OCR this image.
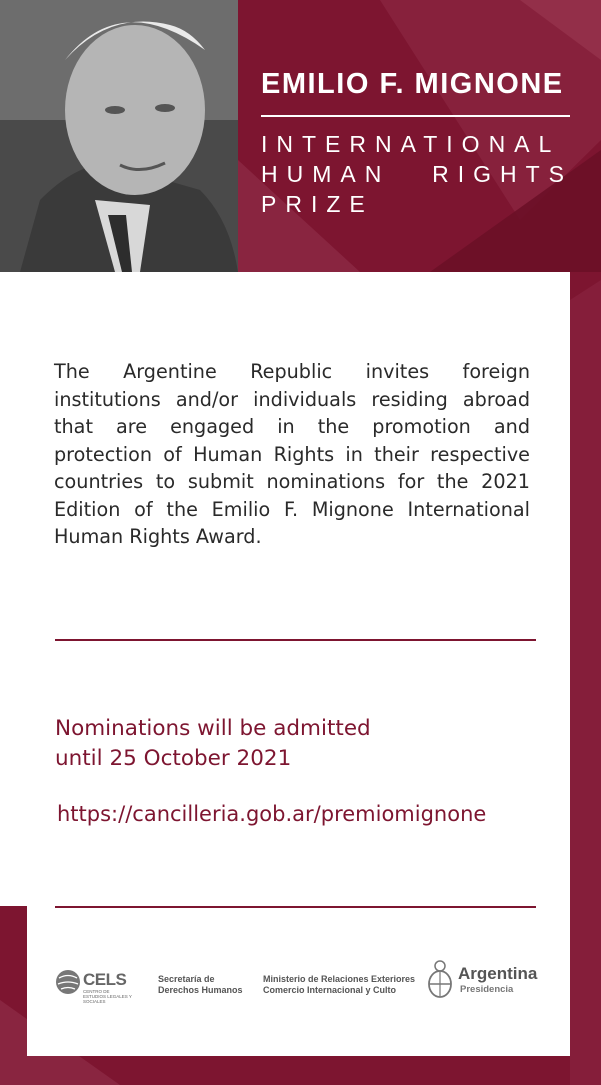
EMILIO F. MIGNONE
INTERNATIONAL HUMAN RIGHTS PRIZE

The Argentine Republic invites foreign institutions and/or individuals residing abroad that are engaged in the promotion and protection of Human Rights in their respective countries to submit nominations for the 2021 Edition of the Emilio F. Mignone International Human Rights Award.

Nominations will be admitted
until 25 October 2021

https://cancilleria.gob.ar/premiomignone
CELS
CENTRO DE ESTUDIOS LEGALES Y SOCIALES
Secretaría de
Derechos Humanos
Ministerio de Relaciones Exteriores
Comercio Internacional y Culto
Argentina
Presidencia
